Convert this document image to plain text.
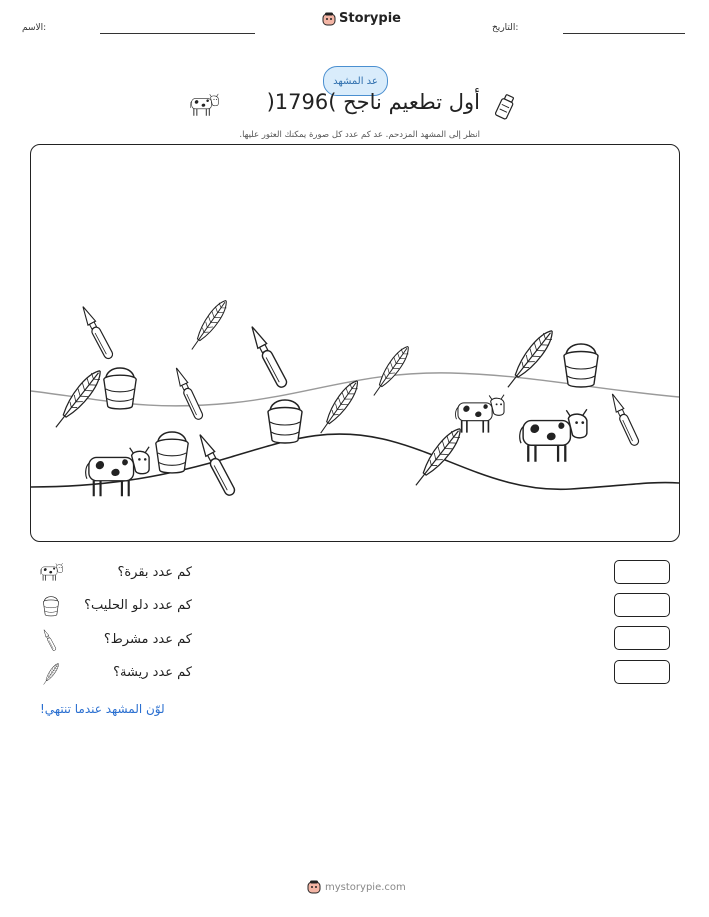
الاسم:
Storypie
التاريخ:
عد المشهد
أول تطعيم ناجح )1796(
انظر إلى المشهد المزدحم. عد كم عدد كل صورة يمكنك العثور عليها.
كم عدد بقرة؟
كم عدد دلو الحليب؟
كم عدد مشرط؟
كم عدد ريشة؟
لوّن المشهد عندما تنتهي!
mystorypie.com
